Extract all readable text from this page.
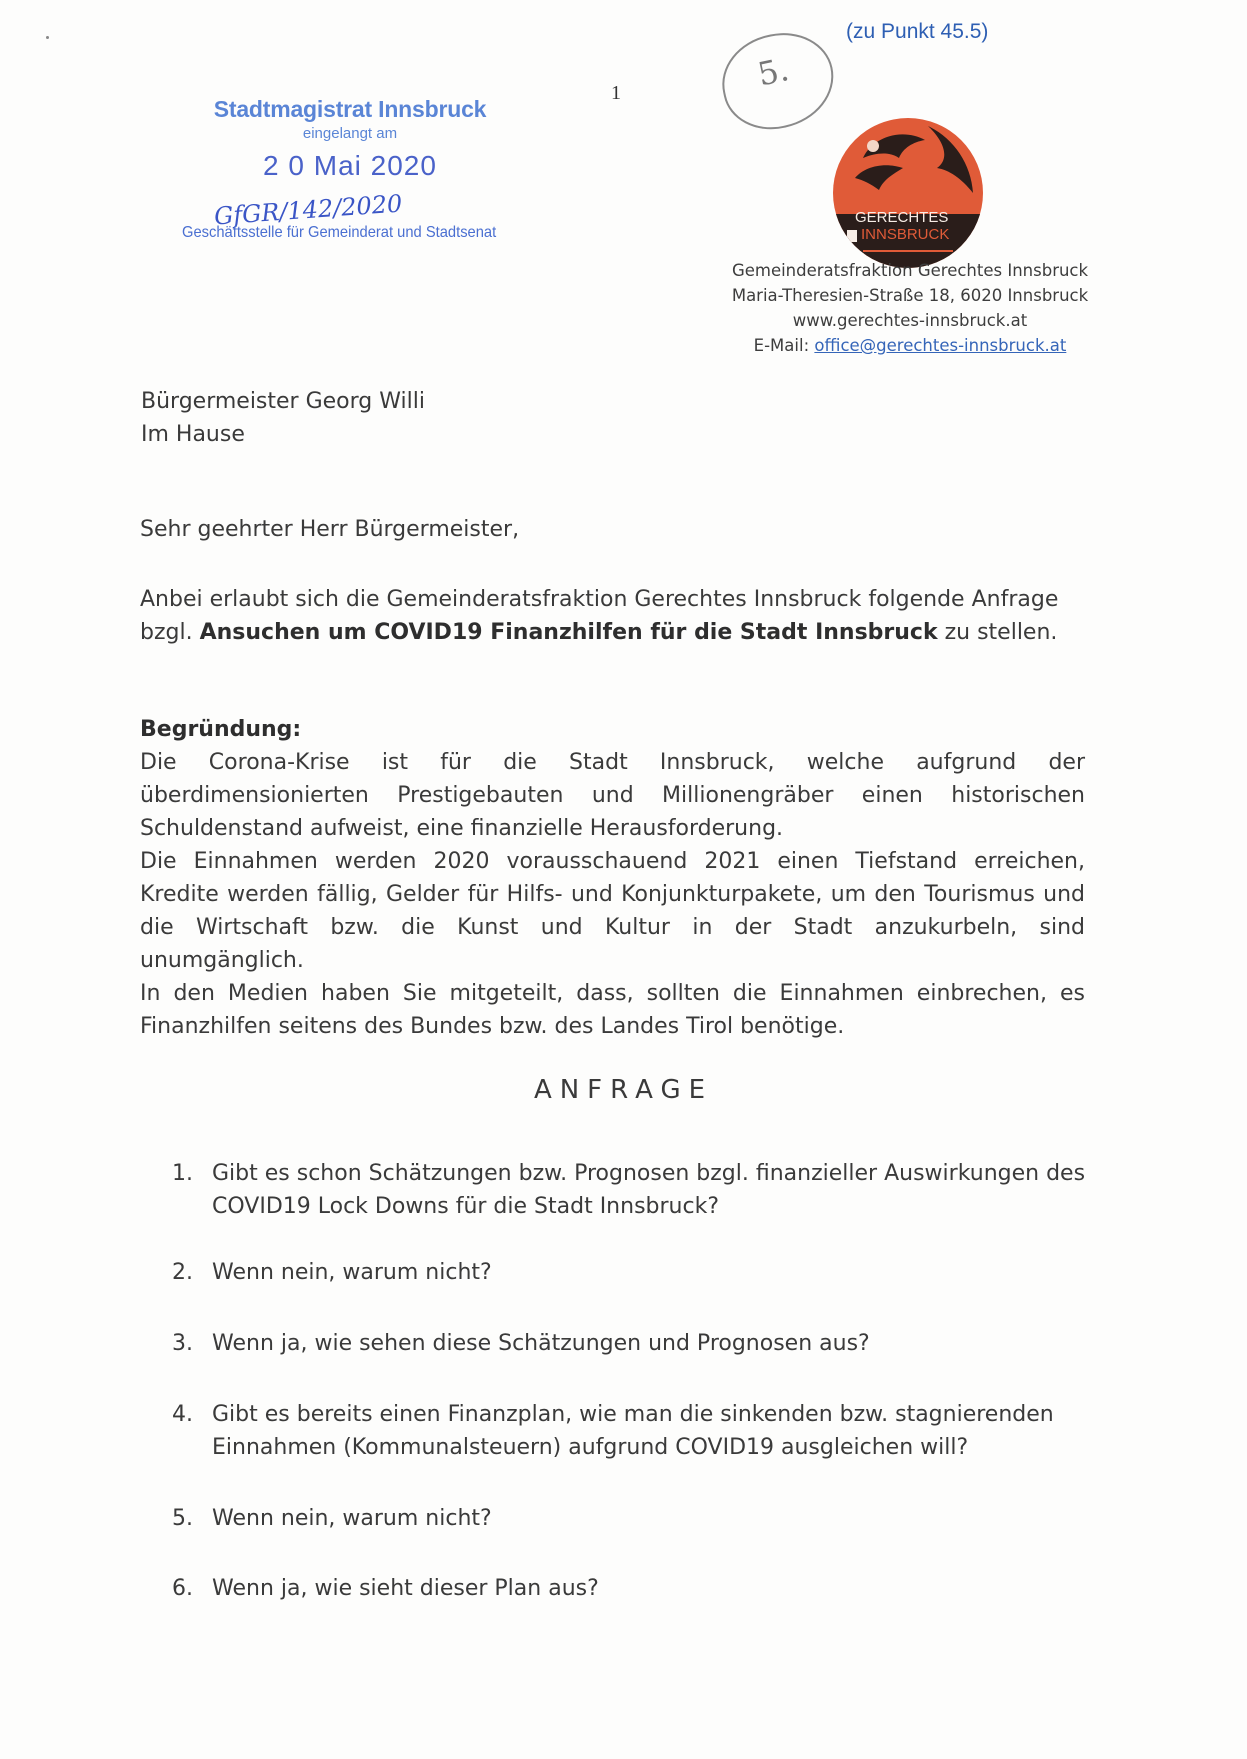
(zu Punkt 45.5)
1
Stadtmagistrat Innsbruck
eingelangt am
2 0 Mai 2020
GfGR/142/2020
Geschäftsstelle für Gemeinderat und Stadtsenat
5.
GERECHTES
INNSBRUCK
Gemeinderatsfraktion Gerechtes Innsbruck
Maria-Theresien-Straße 18, 6020 Innsbruck
www.gerechtes-innsbruck.at
E-Mail: office@gerechtes-innsbruck.at
Bürgermeister Georg Willi
Im Hause
Sehr geehrter Herr Bürgermeister,
Anbei erlaubt sich die Gemeinderatsfraktion Gerechtes Innsbruck folgende Anfrage bzgl. Ansuchen um COVID19 Finanzhilfen für die Stadt Innsbruck zu stellen.
Begründung:

Die Corona-Krise ist für die Stadt Innsbruck, welche aufgrund der überdimensionierten Prestigebauten und Millionengräber einen historischen Schuldenstand aufweist, eine finanzielle Herausforderung.

Die Einnahmen werden 2020 vorausschauend 2021 einen Tiefstand erreichen, Kredite werden fällig, Gelder für Hilfs- und Konjunkturpakete, um den Tourismus und die Wirtschaft bzw. die Kunst und Kultur in der Stadt anzukurbeln, sind unumgänglich.

In den Medien haben Sie mitgeteilt, dass, sollten die Einnahmen einbrechen, es Finanzhilfen seitens des Bundes bzw. des Landes Tirol benötige.

ANFRAGE
1. Gibt es schon Schätzungen bzw. Prognosen bzgl. finanzieller Auswirkungen des COVID19 Lock Downs für die Stadt Innsbruck?
2. Wenn nein, warum nicht?
3. Wenn ja, wie sehen diese Schätzungen und Prognosen aus?
4. Gibt es bereits einen Finanzplan, wie man die sinkenden bzw. stagnierenden Einnahmen (Kommunalsteuern) aufgrund COVID19 ausgleichen will?
5. Wenn nein, warum nicht?
6. Wenn ja, wie sieht dieser Plan aus?
